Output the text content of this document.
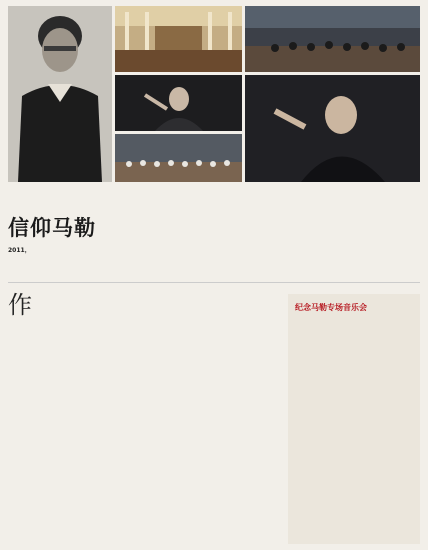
信仰马勒
2011，
作	纪念马勒专场音乐会
